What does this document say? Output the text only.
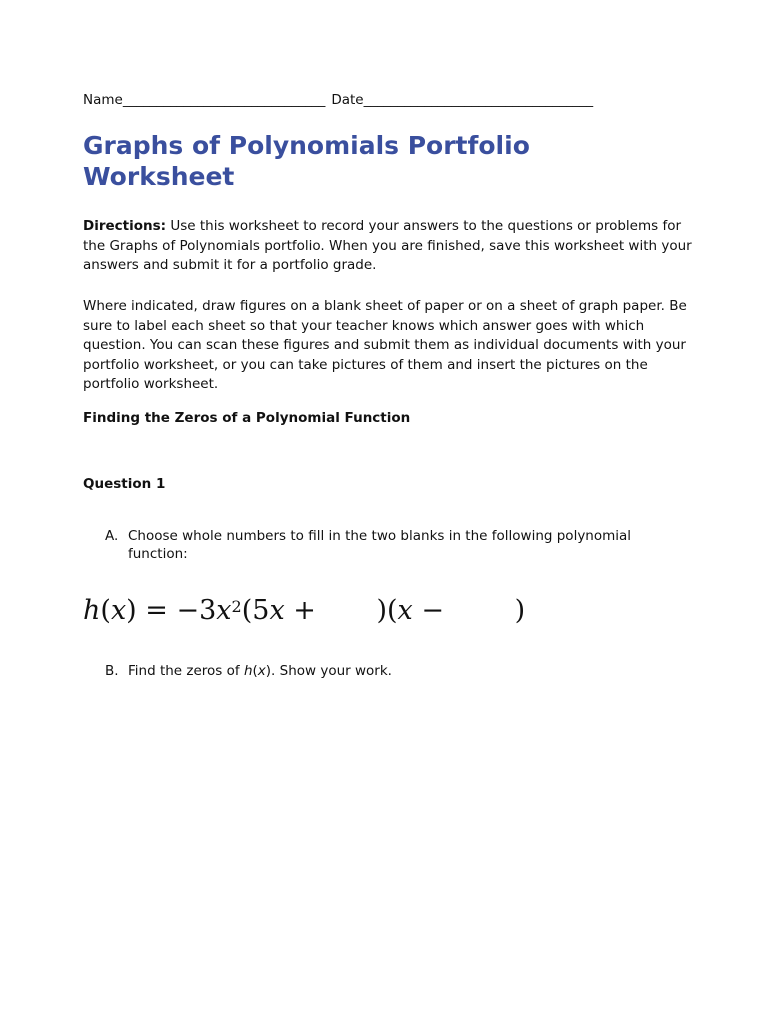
Name______________________________ Date__________________________________
Graphs of Polynomials Portfolio
Worksheet

Directions: Use this worksheet to record your answers to the questions or problems for the Graphs of Polynomials portfolio. When you are finished, save this worksheet with your answers and submit it for a portfolio grade.

Where indicated, draw figures on a blank sheet of paper or on a sheet of graph paper. Be sure to label each sheet so that your teacher knows which answer goes with which question. You can scan these figures and submit them as individual documents with your portfolio worksheet, or you can take pictures of them and insert the pictures on the portfolio worksheet.

Finding the Zeros of a Polynomial Function

Question 1

A. Choose whole numbers to fill in the two blanks in the following polynomial function:
$h(x) = -3x^2(5x + )(x$ − )
B. Find the zeros of h(x). Show your work.
